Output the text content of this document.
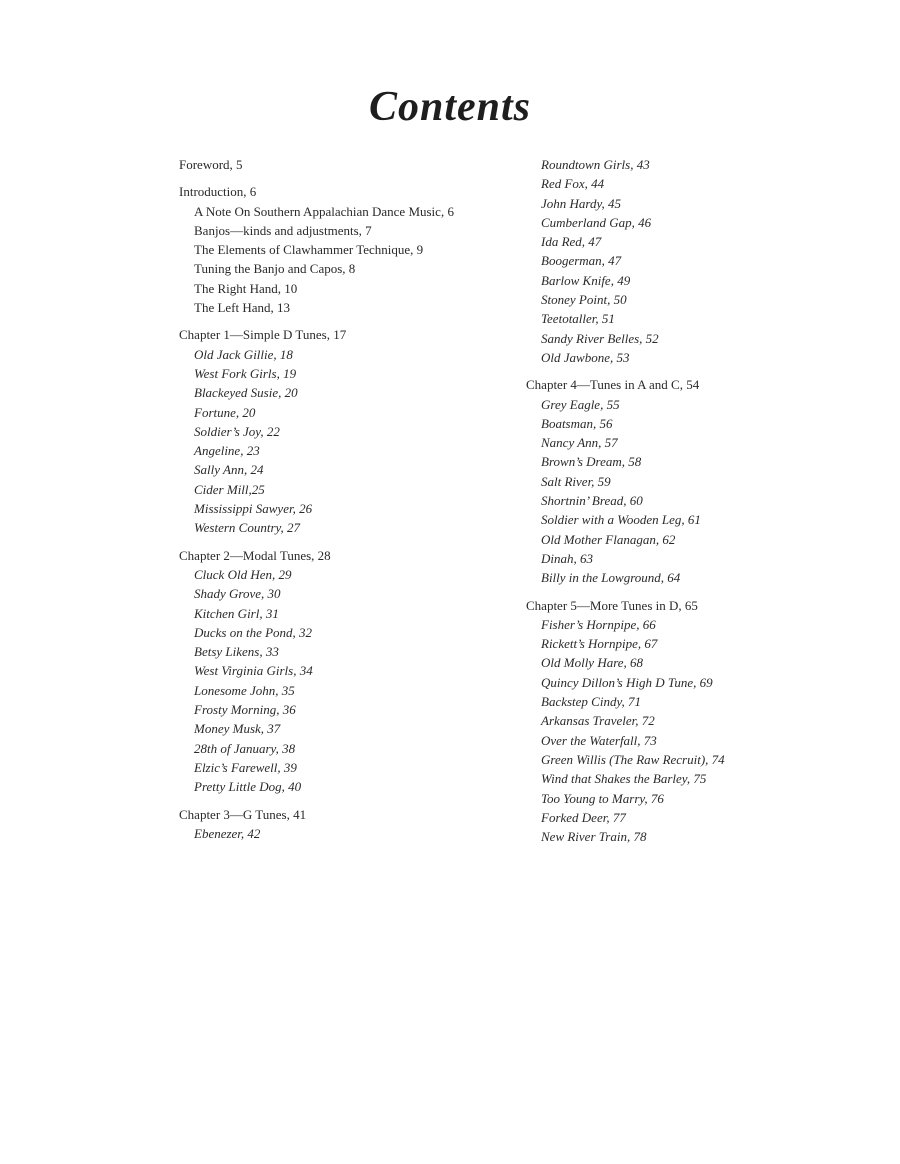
Contents
Foreword, 5
Introduction, 6
A Note On Southern Appalachian Dance Music, 6
Banjos—kinds and adjustments, 7
The Elements of Clawhammer Technique, 9
Tuning the Banjo and Capos, 8
The Right Hand, 10
The Left Hand, 13
Chapter 1—Simple D Tunes, 17
Old Jack Gillie, 18
West Fork Girls, 19
Blackeyed Susie, 20
Fortune, 20
Soldier’s Joy, 22
Angeline, 23
Sally Ann, 24
Cider Mill,25
Mississippi Sawyer, 26
Western Country, 27
Chapter 2—Modal Tunes, 28
Cluck Old Hen, 29
Shady Grove, 30
Kitchen Girl, 31
Ducks on the Pond, 32
Betsy Likens, 33
West Virginia Girls, 34
Lonesome John, 35
Frosty Morning, 36
Money Musk, 37
28th of January, 38
Elzic’s Farewell, 39
Pretty Little Dog, 40
Chapter 3—G Tunes, 41
Ebenezer, 42
Roundtown Girls, 43
Red Fox, 44
John Hardy, 45
Cumberland Gap, 46
Ida Red, 47
Boogerman, 47
Barlow Knife, 49
Stoney Point, 50
Teetotaller, 51
Sandy River Belles, 52
Old Jawbone, 53
Chapter 4—Tunes in A and C, 54
Grey Eagle, 55
Boatsman, 56
Nancy Ann, 57
Brown’s Dream, 58
Salt River, 59
Shortnin’ Bread, 60
Soldier with a Wooden Leg, 61
Old Mother Flanagan, 62
Dinah, 63
Billy in the Lowground, 64
Chapter 5—More Tunes in D, 65
Fisher’s Hornpipe, 66
Rickett’s Hornpipe, 67
Old Molly Hare, 68
Quincy Dillon’s High D Tune, 69
Backstep Cindy, 71
Arkansas Traveler, 72
Over the Waterfall, 73
Green Willis (The Raw Recruit), 74
Wind that Shakes the Barley, 75
Too Young to Marry, 76
Forked Deer, 77
New River Train, 78
